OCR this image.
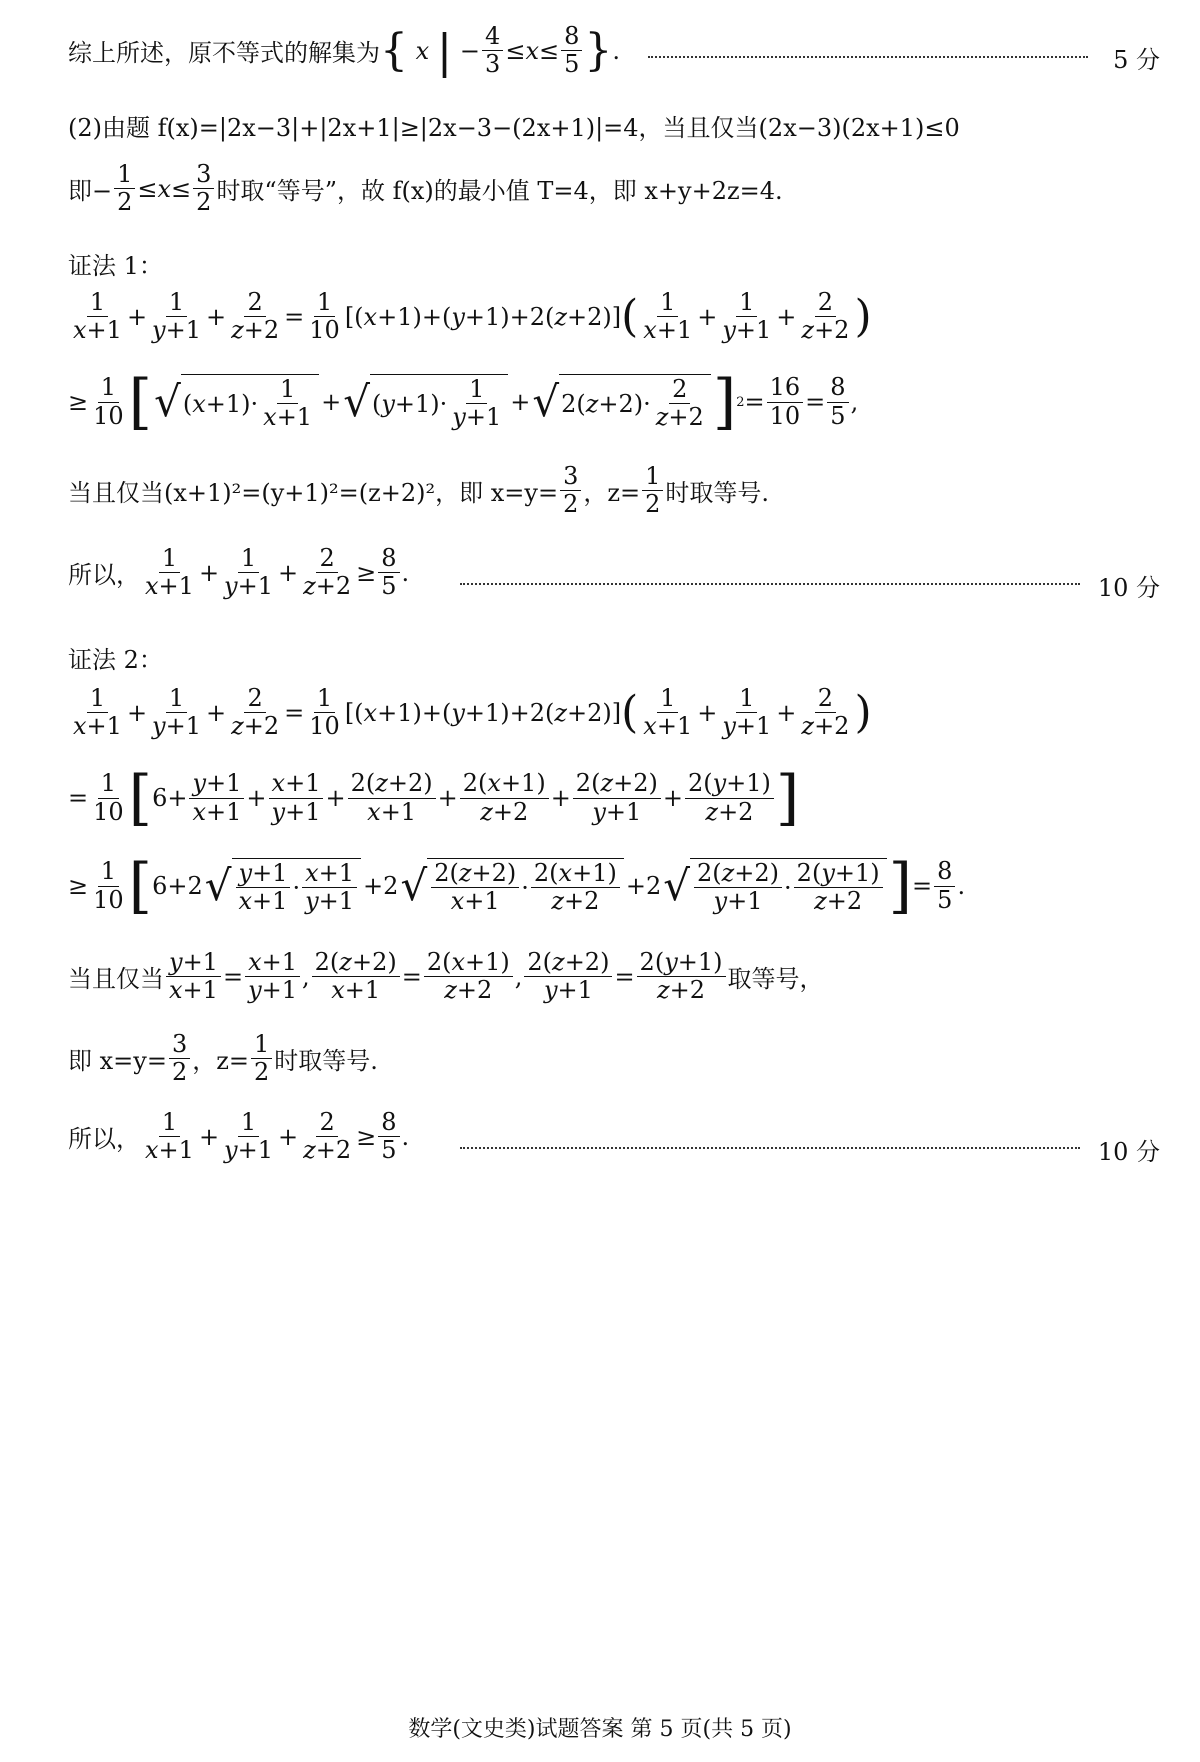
综上所述，原不等式的解集为 { x | − $\frac{4}{3} \le x\le \frac{8}{5}$ } .	5 分
(2)由题 f(x)=|2x−3|+|2x+1|≥|2x−3−(2x+1)|=4，当且仅当(2x−3)(2x+1)≤0
即− $\frac{1}{2} \le x\le \frac{3}{2}$ 时取“等号”，故 f(x)的最小值 T=4，即 x+y+2z=4.
证法 1：
$\frac{1}{x+1} + \frac{1}{y+1} + \frac{2}{z+2} = \frac{1}{10} [(x+1)+(y+1)+2(z+2)]$ ( $\frac{1}{x+1} + \frac{1}{y+1} + \frac{2}{z+2}$ )
≥ $\frac{1}{10}$ [ √ ( $x +1)\cdot \frac{1}{x+1}$ + √ ( $y +1)\cdot \frac{1}{y+1}$ + √ 2( $z +2)\cdot \frac{2}{z+2}$ ] $2 = \frac{16}{10} = \frac{8}{5}$ ,
当且仅当(x+1)²=(y+1)²=(z+2)²，即 $x=y= \frac{3}{2}$ ，$z= \frac{1}{2}$ 时取等号.
所以， $\frac{1}{x+1} + \frac{1}{y+1} + \frac{2}{z+2} \ge \frac{8}{5}$ .
10 分
证法 2：
$\frac{1}{x+1} + \frac{1}{y+1} + \frac{2}{z+2} = \frac{1}{10} [(x+1)+(y+1)+2(z+2)]$ ( $\frac{1}{x+1} + \frac{1}{y+1} + \frac{2}{z+2}$ )
= $\frac{1}{10}$ [ $6+ \frac{y+1}{x+1} + \frac{x+1}{y+1} + \frac{2(z+2)}{x+1} + \frac{2(x+1)}{z+2} + \frac{2(z+2)}{y+1} + \frac{2(y+1)}{z+2}$ ]
≥ $\frac{1}{10}$ [ 6+2 √ $\frac{y+1}{x+1} \cdot \frac{x+1}{y+1} +2$ √ $\frac{2(z+2)}{x+1} \cdot \frac{2(x+1)}{z+2} +2$ √ $\frac{2(z+2)}{y+1} \cdot \frac{2(y+1)}{z+2}$ ] = $\frac{8}{5}$ .
当且仅当 $\frac{y+1}{x+1} = \frac{x+1}{y+1}$ , $\frac{2(z+2)}{x+1} = \frac{2(x+1)}{z+2}$ , $\frac{2(z+2)}{y+1} = \frac{2(y+1)}{z+2}$ 取等号，
即 $x=y= \frac{3}{2}$ ，$z= \frac{1}{2}$ 时取等号.
所以， $\frac{1}{x+1} + \frac{1}{y+1} + \frac{2}{z+2} \ge \frac{8}{5}$ .
10 分
数学(文史类)试题答案 第 5 页(共 5 页)
